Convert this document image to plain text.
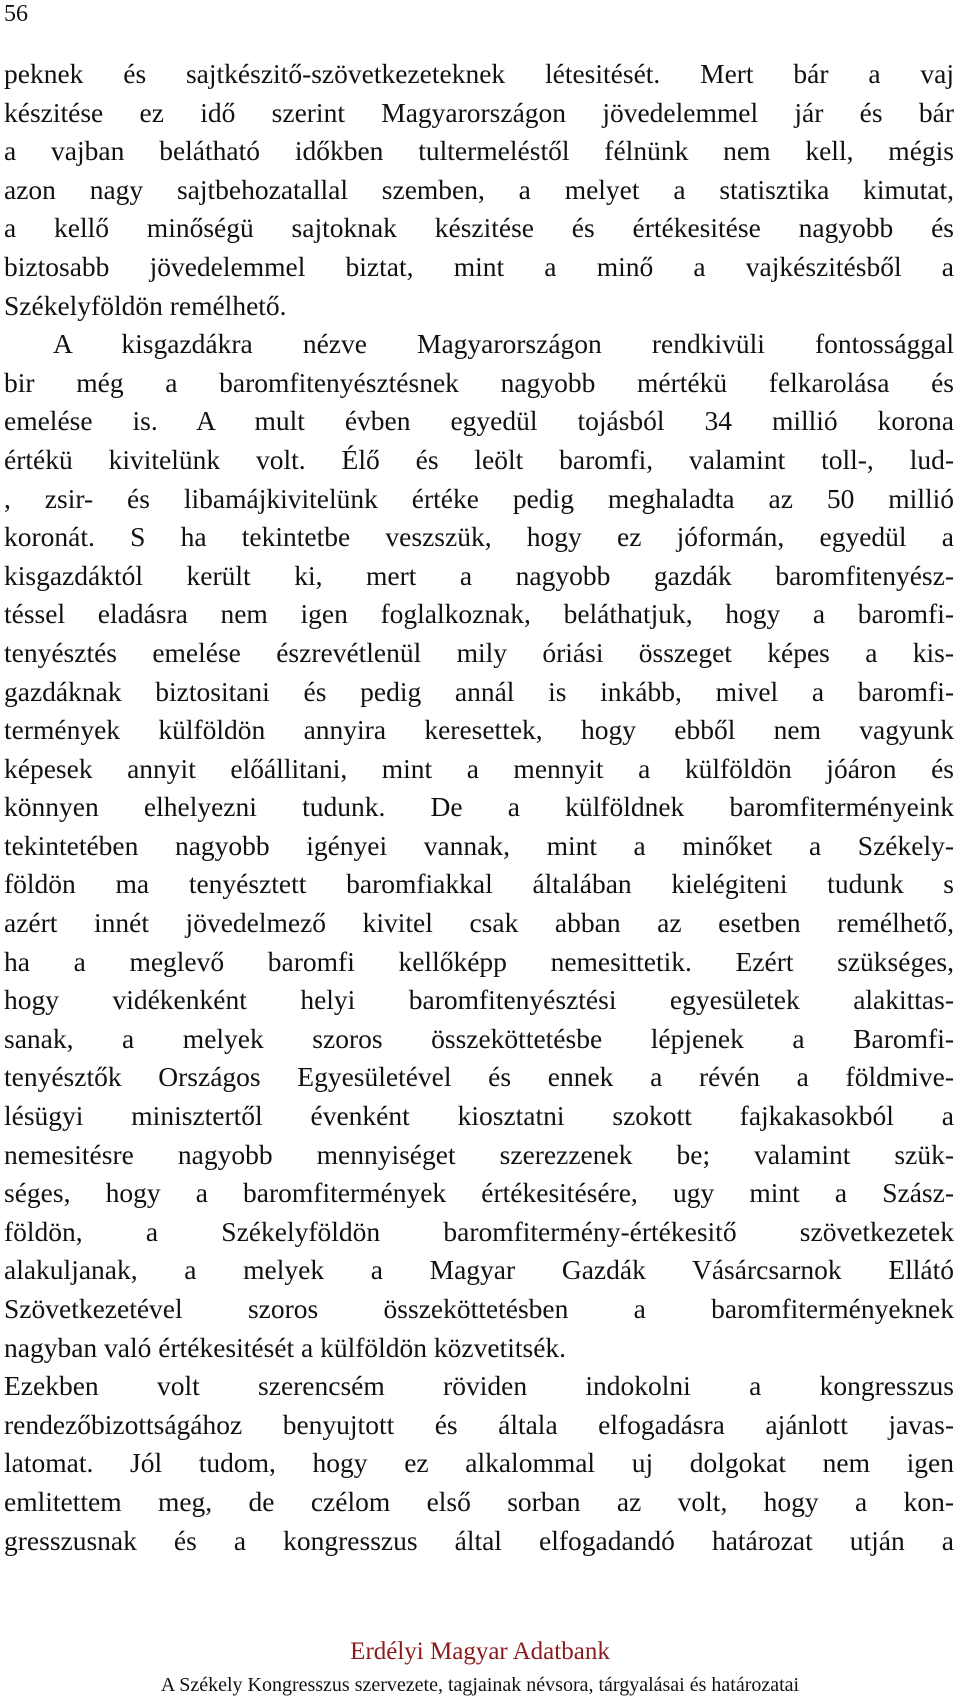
56
peknek és sajtkészitő-szövetkezeteknek létesitését. Mert bár a vaj
készitése ez idő szerint Magyarországon jövedelemmel jár és bár
a vajban belátható időkben tultermeléstől félnünk nem kell, mégis
azon nagy sajtbehozatallal szemben, a melyet a statisztika kimutat,
a kellő minőségü sajtoknak készitése és értékesitése nagyobb és
biztosabb jövedelemmel biztat, mint a minő a vajkészitésből a
Székelyföldön remélhető.
A kisgazdákra nézve Magyarországon rendkivüli fontossággal
bir még a baromfitenyésztésnek nagyobb mértékü felkarolása és
emelése is. A mult évben egyedül tojásból 34 millió korona
értékü kivitelünk volt. Élő és leölt baromfi, valamint toll-, lud-
, zsir- és libamájkivitelünk értéke pedig meghaladta az 50 millió
koronát. S ha tekintetbe veszszük, hogy ez jóformán, egyedül a
kisgazdáktól került ki, mert a nagyobb gazdák baromfitenyész-
téssel eladásra nem igen foglalkoznak, beláthatjuk, hogy a baromfi-
tenyésztés emelése észrevétlenül mily óriási összeget képes a kis-
gazdáknak biztositani és pedig annál is inkább, mivel a baromfi-
termények külföldön annyira keresettek, hogy ebből nem vagyunk
képesek annyit előállitani, mint a mennyit a külföldön jóáron és
könnyen elhelyezni tudunk. De a külföldnek baromfiterményeink
tekintetében nagyobb igényei vannak, mint a minőket a Székely-
földön ma tenyésztett baromfiakkal általában kielégiteni tudunk s
azért innét jövedelmező kivitel csak abban az esetben remélhető,
ha a meglevő baromfi kellőképp nemesittetik. Ezért szükséges,
hogy vidékenként helyi baromfitenyésztési egyesületek alakittas-
sanak, a melyek szoros összeköttetésbe lépjenek a Baromfi-
tenyésztők Országos Egyesületével és ennek a révén a földmive-
lésügyi minisztertől évenként kiosztatni szokott fajkakasokból a
nemesitésre nagyobb mennyiséget szerezzenek be; valamint szük-
séges, hogy a baromfitermények értékesitésére, ugy mint a Szász-
földön, a Székelyföldön baromfitermény-értékesitő szövetkezetek
alakuljanak, a melyek a Magyar Gazdák Vásárcsarnok Ellátó
Szövetkezetével szoros összeköttetésben a baromfiterményeknek
nagyban való értékesitését a külföldön közvetitsék.
Ezekben volt szerencsém röviden indokolni a kongresszus
rendezőbizottságához benyujtott és általa elfogadásra ajánlott javas-
latomat. Jól tudom, hogy ez alkalommal uj dolgokat nem igen
emlitettem meg, de czélom első sorban az volt, hogy a kon-
gresszusnak és a kongresszus által elfogadandó határozat utján a
Erdélyi Magyar Adatbank
A Székely Kongresszus szervezete, tagjainak névsora, tárgyalásai és határozatai
